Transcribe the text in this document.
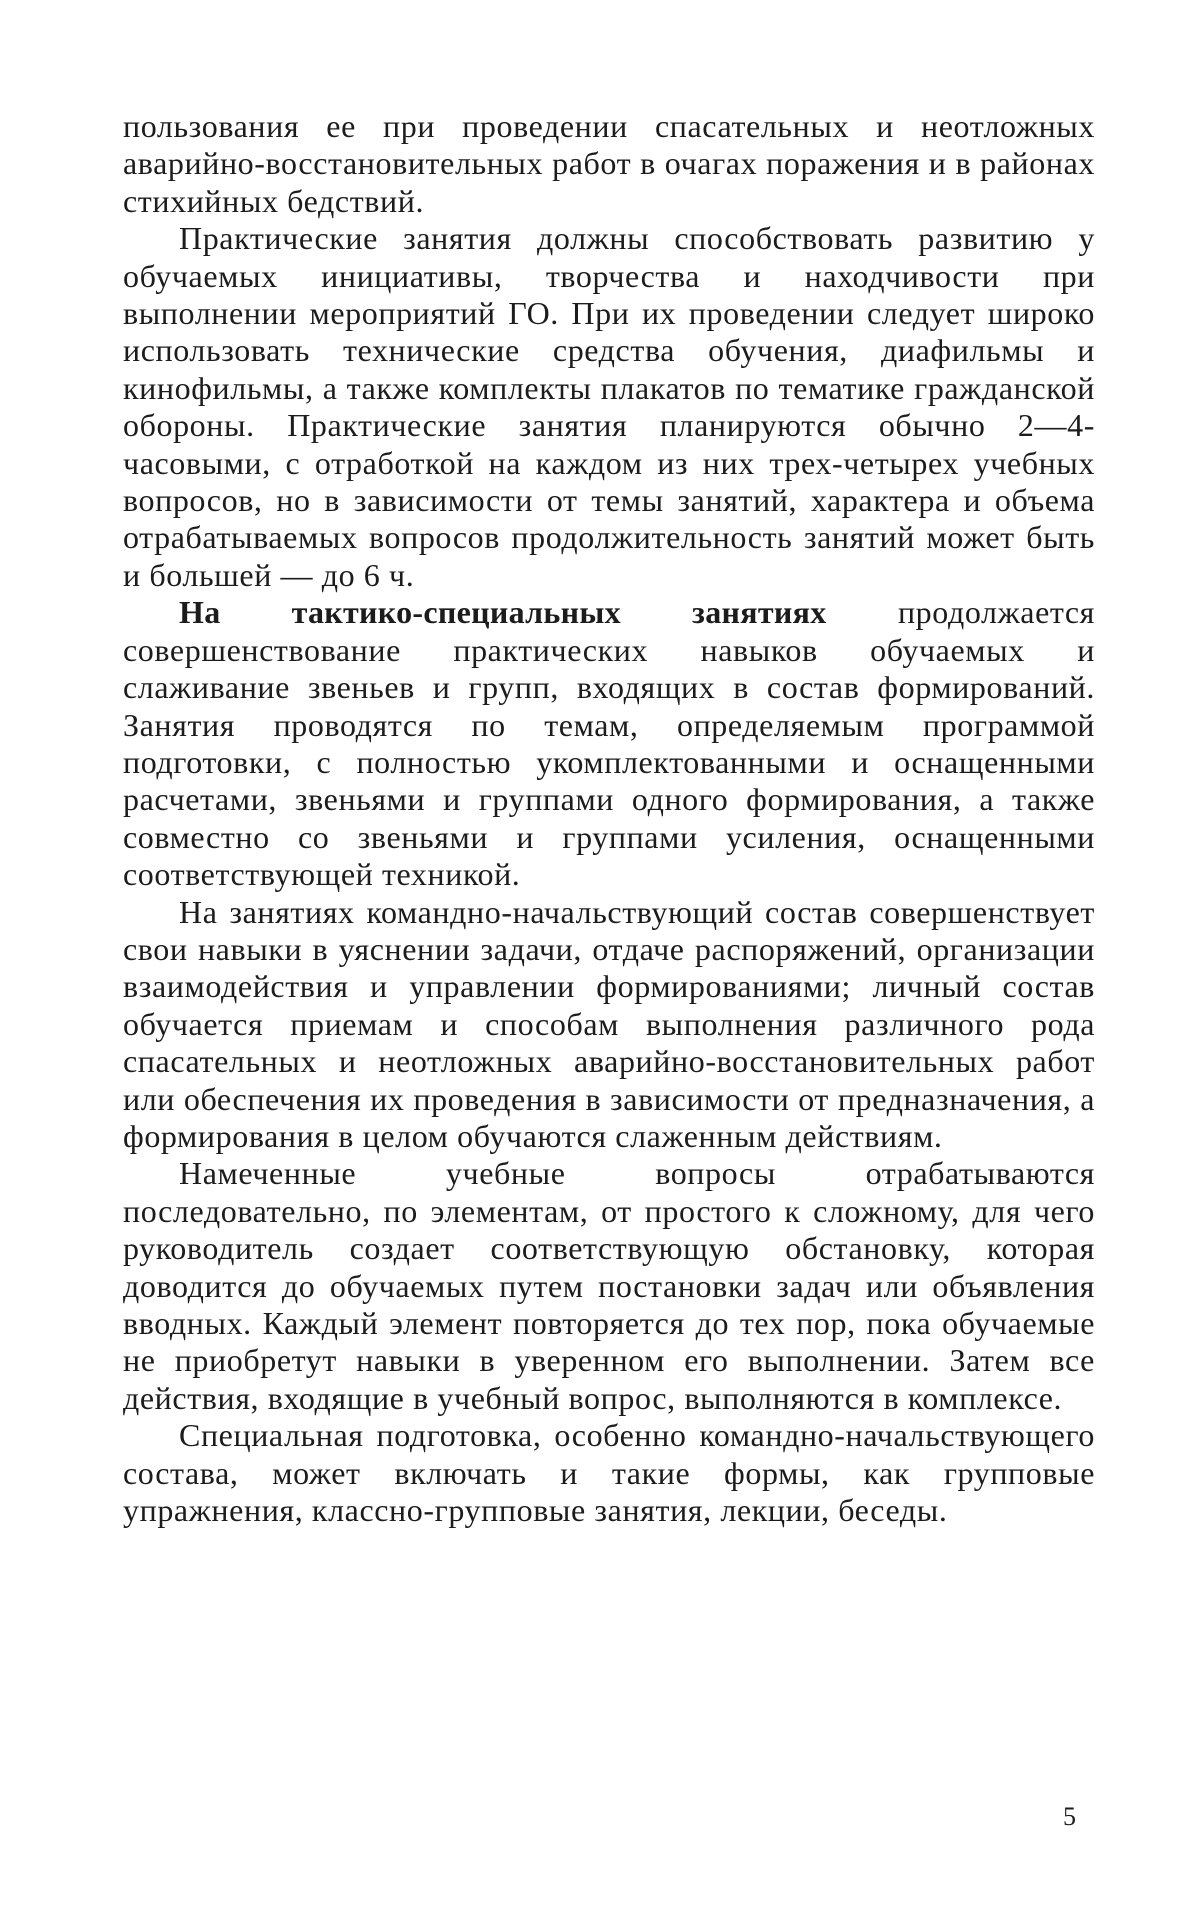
пользования ее при проведении спасательных и неотложных аварийно-восстановительных работ в очагах поражения и в районах стихийных бедствий.

Практические занятия должны способствовать развитию у обучаемых инициативы, творчества и находчивости при выполнении мероприятий ГО. При их проведении следует широко использовать технические средства обучения, диафильмы и кинофильмы, а также комплекты плакатов по тематике гражданской обороны. Практические занятия планируются обычно 2—4-часовыми, с отработкой на каждом из них трех-четырех учебных вопросов, но в зависимости от темы занятий, характера и объема отрабатываемых вопросов продолжительность занятий может быть и большей — до 6 ч.

На тактико-специальных занятиях продолжается совершенствование практических навыков обучаемых и слаживание звеньев и групп, входящих в состав формирований. Занятия проводятся по темам, определяемым программой подготовки, с полностью укомплектованными и оснащенными расчетами, звеньями и группами одного формирования, а также совместно со звеньями и группами усиления, оснащенными соответствующей техникой.

На занятиях командно-начальствующий состав совершенствует свои навыки в уяснении задачи, отдаче распоряжений, организации взаимодействия и управлении формированиями; личный состав обучается приемам и способам выполнения различного рода спасательных и неотложных аварийно-восстановительных работ или обеспечения их проведения в зависимости от предназначения, а формирования в целом обучаются слаженным действиям.

Намеченные учебные вопросы отрабатываются последовательно, по элементам, от простого к сложному, для чего руководитель создает соответствующую обстановку, которая доводится до обучаемых путем постановки задач или объявления вводных. Каждый элемент повторяется до тех пор, пока обучаемые не приобретут навыки в уверенном его выполнении. Затем все действия, входящие в учебный вопрос, выполняются в комплексе.

Специальная подготовка, особенно командно-начальствующего состава, может включать и такие формы, как групповые упражнения, классно-групповые занятия, лекции, беседы.

5
